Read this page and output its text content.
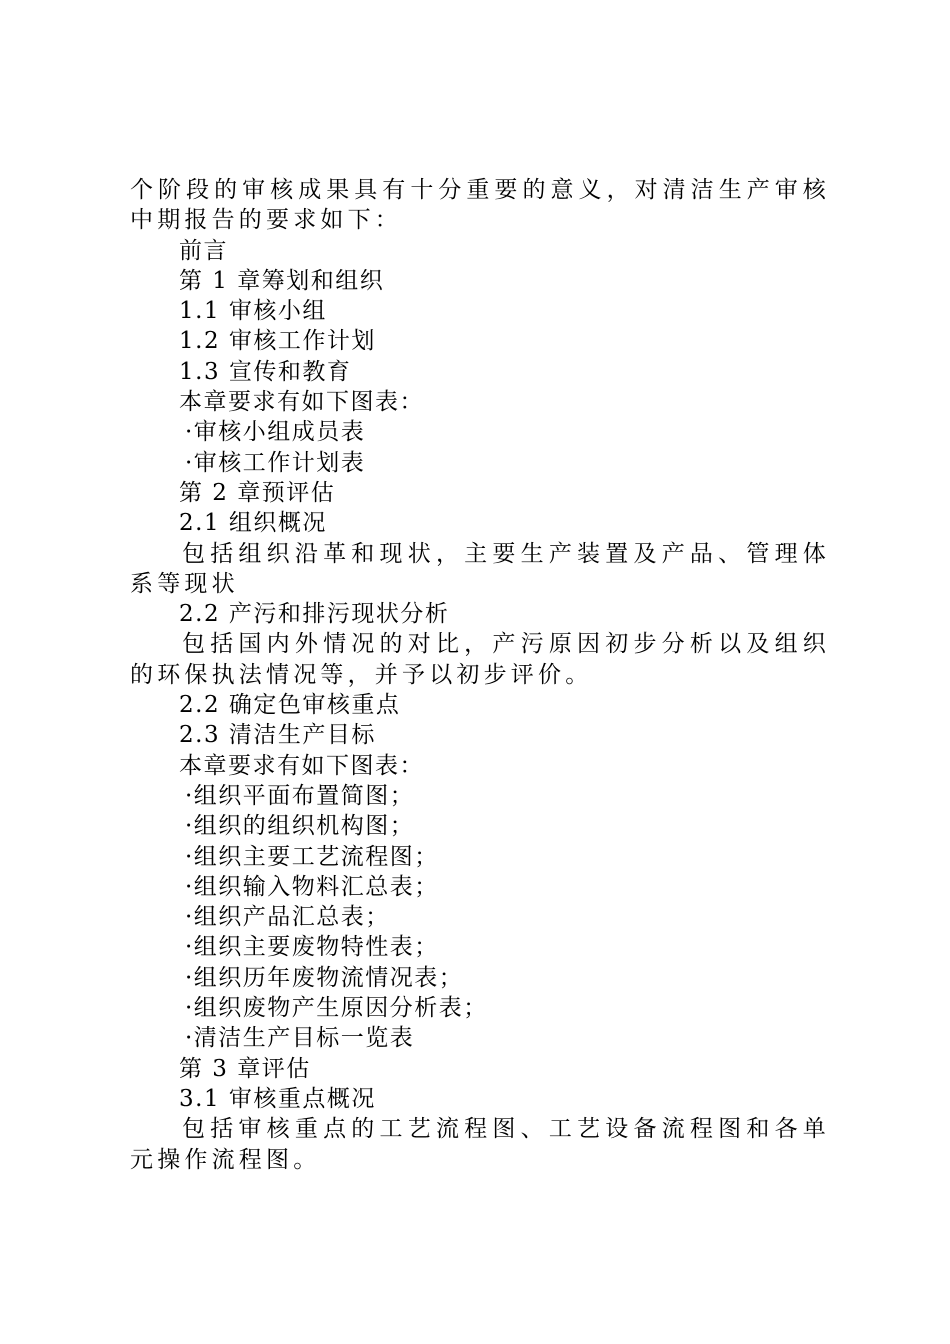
个阶段的审核成果具有十分重要的意义，对清洁生产审核中期报告的要求如下：

前言
第 1 章筹划和组织
1.1 审核小组
1.2 审核工作计划
1.3 宣传和教育
本章要求有如下图表：
·审核小组成员表
·审核工作计划表
第 2 章预评估
2.1 组织概况

包括组织沿革和现状，主要生产装置及产品、管理体系等现状

2.2 产污和排污现状分析

包括国内外情况的对比，产污原因初步分析以及组织的环保执法情况等，并予以初步评价。

2.2 确定色审核重点
2.3 清洁生产目标
本章要求有如下图表：
·组织平面布置简图；
·组织的组织机构图；
·组织主要工艺流程图；
·组织输入物料汇总表；
·组织产品汇总表；
·组织主要废物特性表；
·组织历年废物流情况表；
·组织废物产生原因分析表；
·清洁生产目标一览表
第 3 章评估
3.1 审核重点概况

包括审核重点的工艺流程图、工艺设备流程图和各单元操作流程图。
